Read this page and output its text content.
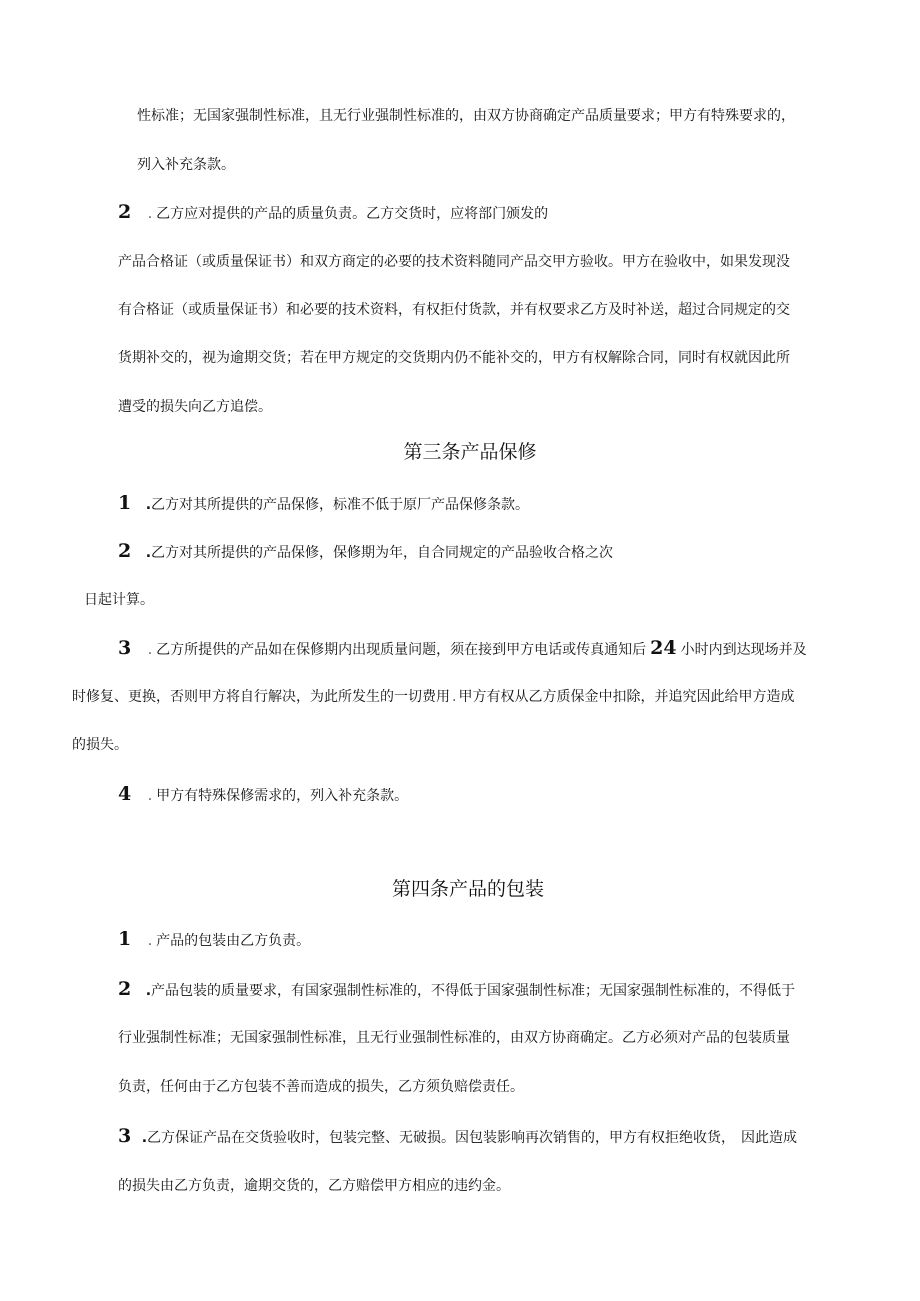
性标准；无国家强制性标准，且无行业强制性标准的，由双方协商确定产品质量要求；甲方有特殊要求的，

列入补充条款。

2 . 乙方应对提供的产品的质量负责。乙方交货时，应将部门颁发的

产品合格证（或质量保证书）和双方商定的必要的技术资料随同产品交甲方验收。甲方在验收中，如果发现没

有合格证（或质量保证书）和必要的技术资料，有权拒付货款，并有权要求乙方及时补送，超过合同规定的交

货期补交的，视为逾期交货；若在甲方规定的交货期内仍不能补交的，甲方有权解除合同，同时有权就因此所

遭受的损失向乙方追偿。

第三条产品保修

1 .乙方对其所提供的产品保修，标准不低于原厂产品保修条款。

2 .乙方对其所提供的产品保修，保修期为年，自合同规定的产品验收合格之次

日起计算。

3 . 乙方所提供的产品如在保修期内出现质量问题，须在接到甲方电话或传真通知后 24 小时内到达现场并及

时修复、更换，否则甲方将自行解决，为此所发生的一切费用 . 甲方有权从乙方质保金中扣除，并追究因此给甲方造成

的损失。

4 . 甲方有特殊保修需求的，列入补充条款。

第四条产品的包装

1 . 产品的包装由乙方负责。

2 .产品包装的质量要求，有国家强制性标准的，不得低于国家强制性标准；无国家强制性标准的，不得低于

行业强制性标准；无国家强制性标准，且无行业强制性标准的，由双方协商确定。乙方必须对产品的包装质量

负责，任何由于乙方包装不善而造成的损失，乙方须负赔偿责任。

3 .乙方保证产品在交货验收时，包装完整、无破损。因包装影响再次销售的，甲方有权拒绝收货， 因此造成

的损失由乙方负责，逾期交货的，乙方赔偿甲方相应的违约金。
